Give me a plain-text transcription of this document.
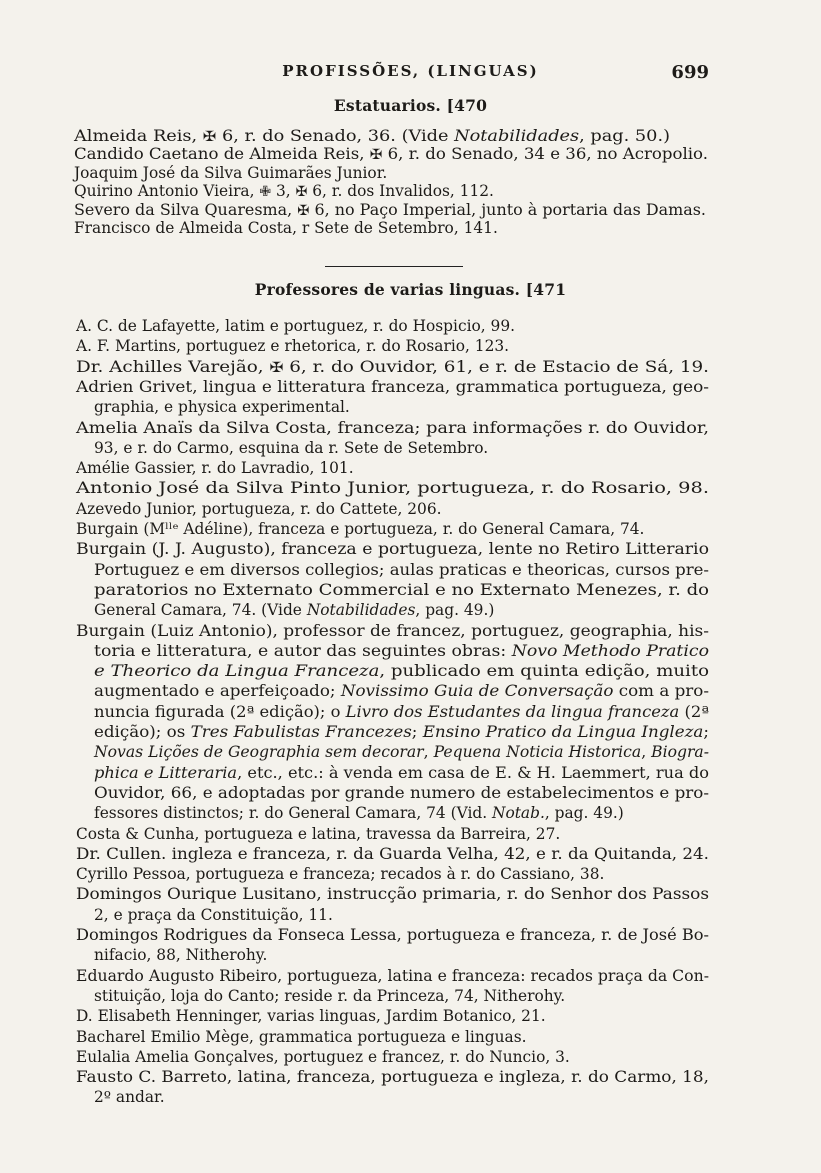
PROFISSÕES, (LINGUAS)	699
Estatuarios. [470
Almeida Reis, ✠ 6, r. do Senado, 36. (Vide Notabilidades, pag. 50.)
Candido Caetano de Almeida Reis, ✠ 6, r. do Senado, 34 e 36, no Acropolio.
Joaquim José da Silva Guimarães Junior.
Quirino Antonio Vieira, ✙ 3, ✠ 6, r. dos Invalidos, 112.
Severo da Silva Quaresma, ✠ 6, no Paço Imperial, junto à portaria das Damas.
Francisco de Almeida Costa, r Sete de Setembro, 141.
Professores de varias linguas. [471
A. C. de Lafayette, latim e portuguez, r. do Hospicio, 99.
A. F. Martins, portuguez e rhetorica, r. do Rosario, 123.
Dr. Achilles Varejão, ✠ 6, r. do Ouvidor, 61, e r. de Estacio de Sá, 19.
Adrien Grivet, lingua e litteratura franceza, grammatica portugueza, geo-
graphia, e physica experimental.
Amelia Anaïs da Silva Costa, franceza; para informações r. do Ouvidor,
93, e r. do Carmo, esquina da r. Sete de Setembro.
Amélie Gassier, r. do Lavradio, 101.
Antonio José da Silva Pinto Junior, portugueza, r. do Rosario, 98.
Azevedo Junior, portugueza, r. do Cattete, 206.
Burgain (Mˡˡᵉ Adéline), franceza e portugueza, r. do General Camara, 74.
Burgain (J. J. Augusto), franceza e portugueza, lente no Retiro Litterario
Portuguez e em diversos collegios; aulas praticas e theoricas, cursos pre-
paratorios no Externato Commercial e no Externato Menezes, r. do
General Camara, 74. (Vide Notabilidades, pag. 49.)
Burgain (Luiz Antonio), professor de francez, portuguez, geographia, his-
toria e litteratura, e autor das seguintes obras: Novo Methodo Pratico
e Theorico da Lingua Franceza, publicado em quinta edição, muito
augmentado e aperfeiçoado; Novissimo Guia de Conversação com a pro-
nuncia figurada (2ª edição); o Livro dos Estudantes da lingua franceza (2ª
edição); os Tres Fabulistas Francezes; Ensino Pratico da Lingua Ingleza;
Novas Lições de Geographia sem decorar, Pequena Noticia Historica, Biogra-
phica e Litteraria, etc., etc.: à venda em casa de E. & H. Laemmert, rua do
Ouvidor, 66, e adoptadas por grande numero de estabelecimentos e pro-
fessores distinctos; r. do General Camara, 74 (Vid. Notab., pag. 49.)
Costa & Cunha, portugueza e latina, travessa da Barreira, 27.
Dr. Cullen. ingleza e franceza, r. da Guarda Velha, 42, e r. da Quitanda, 24.
Cyrillo Pessoa, portugueza e franceza; recados à r. do Cassiano, 38.
Domingos Ourique Lusitano, instrucção primaria, r. do Senhor dos Passos
2, e praça da Constituição, 11.
Domingos Rodrigues da Fonseca Lessa, portugueza e franceza, r. de José Bo-
nifacio, 88, Nitherohy.
Eduardo Augusto Ribeiro, portugueza, latina e franceza: recados praça da Con-
stituição, loja do Canto; reside r. da Princeza, 74, Nitherohy.
D. Elisabeth Henninger, varias linguas, Jardim Botanico, 21.
Bacharel Emilio Mège, grammatica portugueza e linguas.
Eulalia Amelia Gonçalves, portuguez e francez, r. do Nuncio, 3.
Fausto C. Barreto, latina, franceza, portugueza e ingleza, r. do Carmo, 18,
2º andar.
